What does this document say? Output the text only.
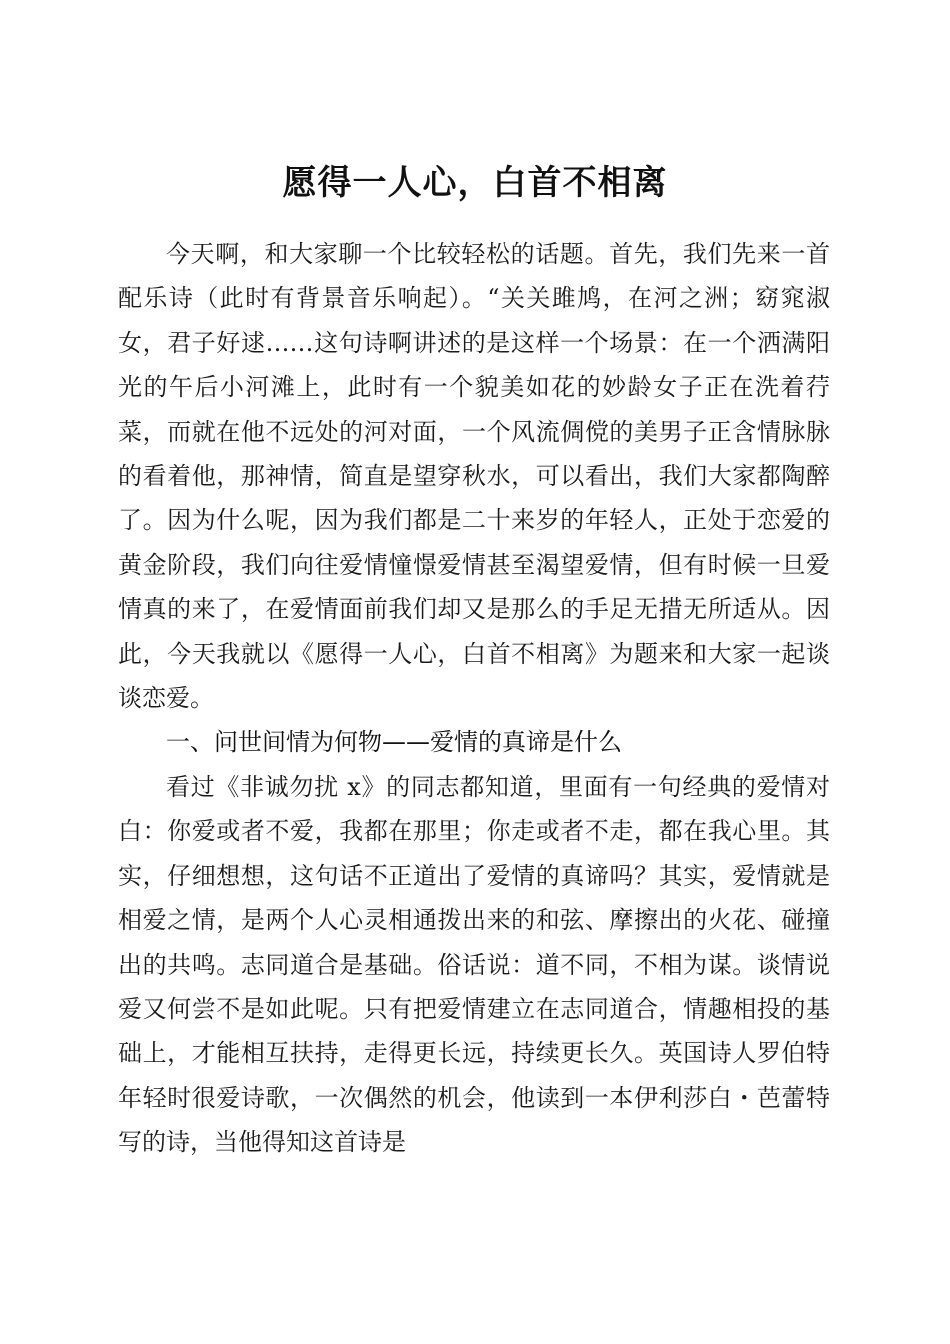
愿得一人心，白首不相离

今天啊，和大家聊一个比较轻松的话题。首先，我们先来一首配乐诗（此时有背景音乐响起）。“关关雎鸠，在河之洲；窈窕淑女，君子好逑……这句诗啊讲述的是这样一个场景：在一个洒满阳光的午后小河滩上，此时有一个貌美如花的妙龄女子正在洗着荇菜，而就在他不远处的河对面，一个风流倜傥的美男子正含情脉脉的看着他，那神情，简直是望穿秋水，可以看出，我们大家都陶醉了。因为什么呢，因为我们都是二十来岁的年轻人，正处于恋爱的黄金阶段，我们向往爱情憧憬爱情甚至渴望爱情，但有时候一旦爱情真的来了，在爱情面前我们却又是那么的手足无措无所适从。因此，今天我就以《愿得一人心，白首不相离》为题来和大家一起谈谈恋爱。

一、问世间情为何物——爱情的真谛是什么

看过《非诚勿扰 x》的同志都知道，里面有一句经典的爱情对白：你爱或者不爱，我都在那里；你走或者不走，都在我心里。其实，仔细想想，这句话不正道出了爱情的真谛吗？其实，爱情就是相爱之情，是两个人心灵相通拨出来的和弦、摩擦出的火花、碰撞出的共鸣。志同道合是基础。俗话说：道不同，不相为谋。谈情说爱又何尝不是如此呢。只有把爱情建立在志同道合，情趣相投的基础上，才能相互扶持，走得更长远，持续更长久。英国诗人罗伯特年轻时很爱诗歌，一次偶然的机会，他读到一本伊利莎白・芭蕾特写的诗，当他得知这首诗是
